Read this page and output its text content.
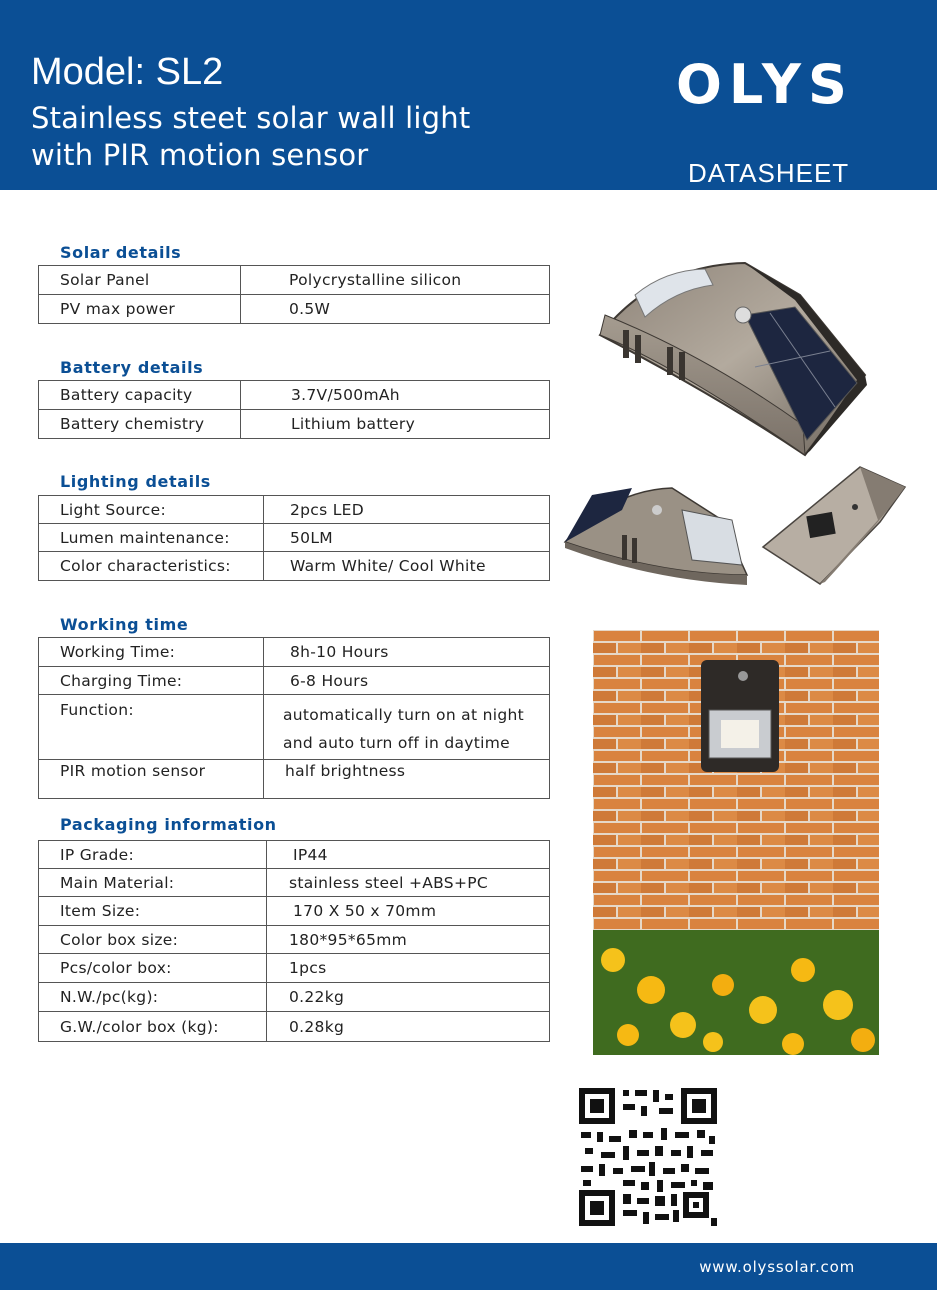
Model: SL2
Stainless steet solar wall light
with PIR motion sensor
OLYS
DATASHEET
Solar details
Solar Panel	Polycrystalline silicon
PV max power	0.5W
Battery details
Battery capacity	3.7V/500mAh
Battery chemistry	Lithium battery
Lighting details
Light Source:	2pcs LED
Lumen maintenance:	50LM
Color characteristics:	Warm White/ Cool White
Working time
Working Time:	8h-10 Hours
Charging Time:	6-8 Hours
Function:	automatically turn on at night
and auto turn off in daytime

PIR motion sensor	half brightness
Packaging information
IP Grade:	IP44
Main Material:	stainless steel +ABS+PC
Item Size:	170 X 50 x 70mm
Color box size:	180*95*65mm
Pcs/color box:	1pcs
N.W./pc(kg):	0.22kg
G.W./color box (kg):	0.28kg
www.olyssolar.com
